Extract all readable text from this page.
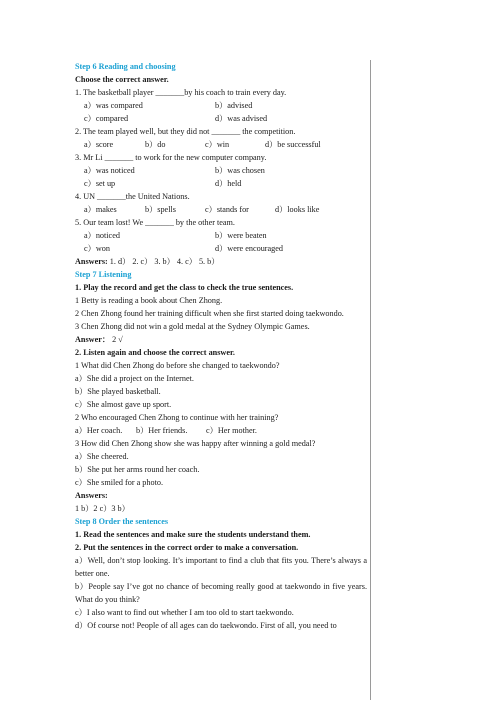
Step 6 Reading and choosing
Choose the correct answer.
1. The basketball player _______by his coach to train every day.
a）was compared	b）advised
c）compared	d）was advised
2. The team played well, but they did not _______ the competition.
a）score	b）do	c）win	d）be successful
3. Mr Li _______ to work for the new computer company.
a）was noticed	b）was chosen
c）set up	d）held
4. UN _______the United Nations.
a）makes	b）spells	c）stands for	d）looks like
5. Our team lost! We _______ by the other team.
a）noticed	b）were beaten
c）won	d）were encouraged
Answers: 1. d） 2. c） 3. b） 4. c） 5. b）
Step 7 Listening
1. Play the record and get the class to check the true sentences.
1 Betty is reading a book about Chen Zhong.
2 Chen Zhong found her training difficult when she first started doing taekwondo.
3 Chen Zhong did not win a gold medal at the Sydney Olympic Games.
Answer： 2 √
2. Listen again and choose the correct answer.
1 What did Chen Zhong do before she changed to taekwondo?
a）She did a project on the Internet.
b）She played basketball.
c）She almost gave up sport.
2 Who encouraged Chen Zhong to continue with her training?
a）Her coach.	b）Her friends.	c）Her mother.
3 How did Chen Zhong show she was happy after winning a gold medal?
a）She cheered.
b）She put her arms round her coach.
c）She smiled for a photo.
Answers:
1 b）2 c）3 b）
Step 8 Order the sentences
1. Read the sentences and make sure the students understand them.
2. Put the sentences in the correct order to make a conversation.
a）Well, don’t stop looking. It’s important to find a club that fits you. There’s always a better one.
b）People say I’ve got no chance of becoming really good at taekwondo in five years. What do you think?
c）I also want to find out whether I am too old to start taekwondo.
d）Of course not! People of all ages can do taekwondo. First of all, you need to
